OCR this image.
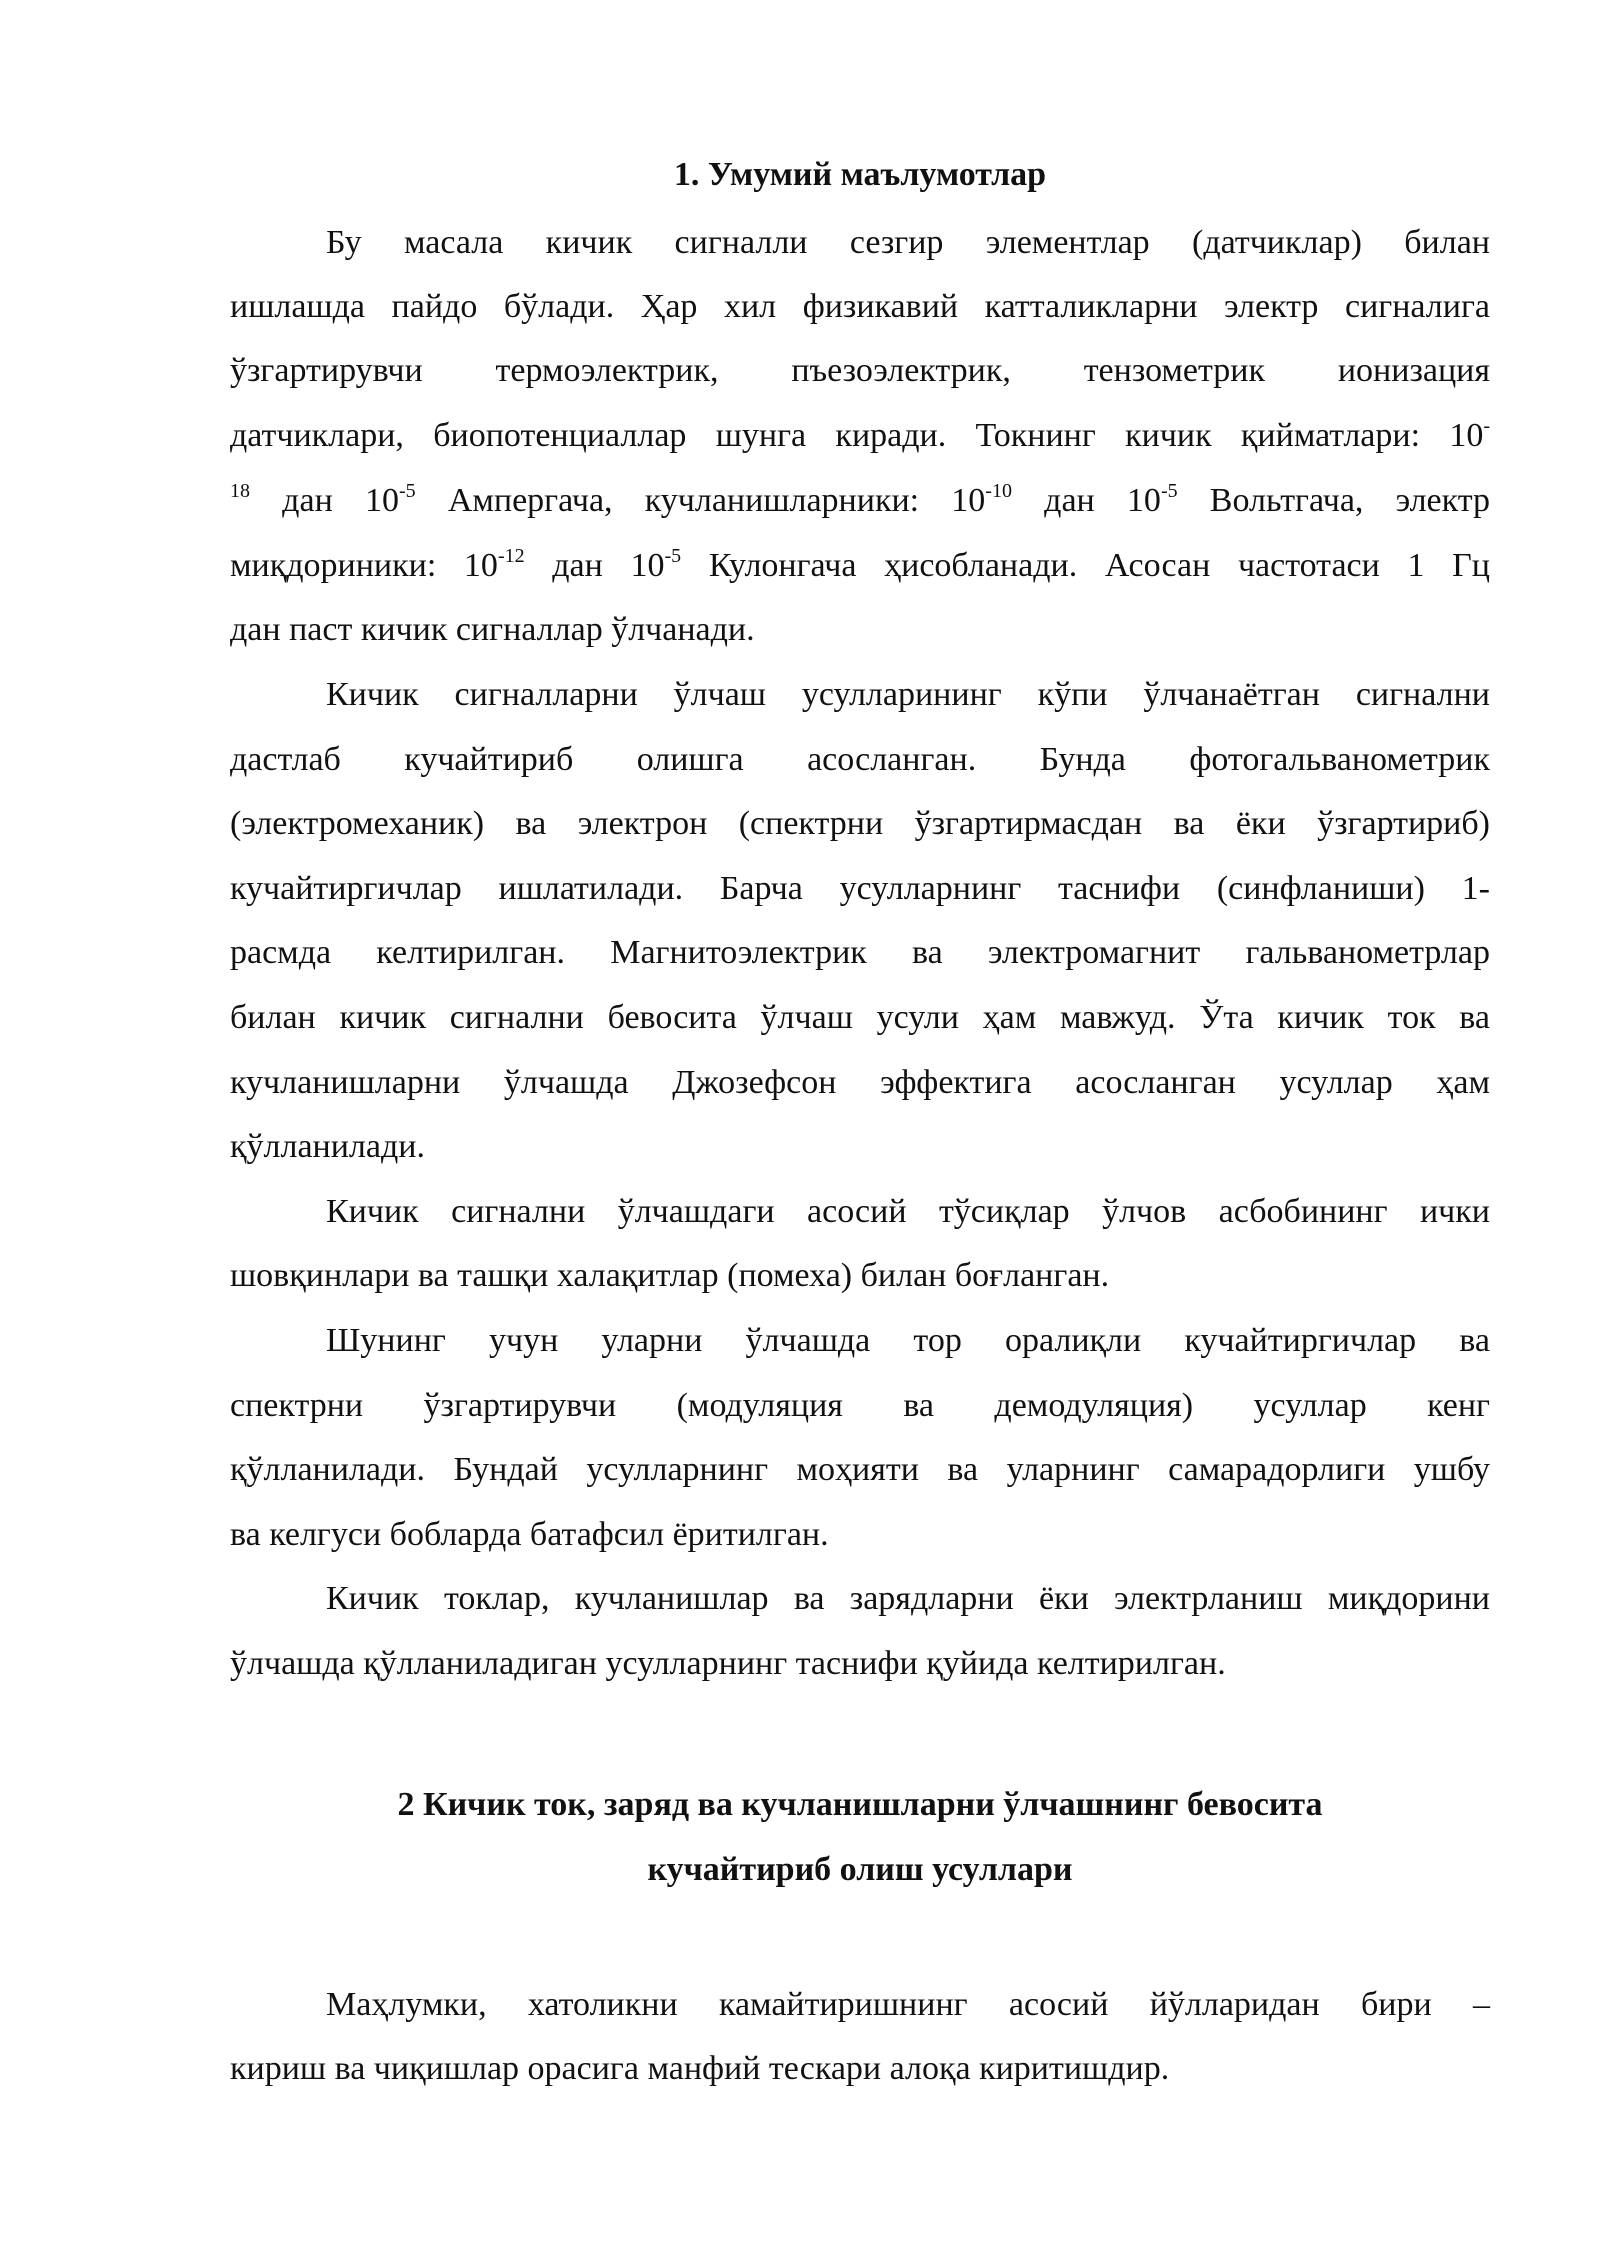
1. Умумий маълумотлар
Бу масала кичик сигналли сезгир элементлар (датчиклар) билан
ишлашда пайдо бўлади. Ҳар хил физикавий катталикларни электр сигналига
ўзгартирувчи термоэлектрик, пъезоэлектрик, тензометрик ионизация
датчиклари, биопотенциаллар шунга киради. Токнинг кичик қийматлари: 10-
$^{18}$ дан $10^{-5}$ Ампергача, кучланишларники: $10^{-10}$ дан $10^{-5}$ Вольтгача, электр
миқдориники: $10^{-12}$ дан $10^{-5}$ Кулонгача ҳисобланади. Асосан частотаси 1 Гц
дан паст кичик сигналлар ўлчанади.
Кичик сигналларни ўлчаш усулларининг кўпи ўлчанаётган сигнални
дастлаб кучайтириб олишга асосланган. Бунда фотогальванометрик
(электромеханик) ва электрон (спектрни ўзгартирмасдан ва ёки ўзгартириб)
кучайтиргичлар ишлатилади. Барча усулларнинг таснифи (синфланиши) 1-
расмда келтирилган. Магнитоэлектрик ва электромагнит гальванометрлар
билан кичик сигнални бевосита ўлчаш усули ҳам мавжуд. Ўта кичик ток ва
кучланишларни ўлчашда Джозефсон эффектига асосланган усуллар ҳам
қўлланилади.
Кичик сигнални ўлчашдаги асосий тўсиқлар ўлчов асбобининг ички
шовқинлари ва ташқи халақитлар (помеха) билан боғланган.
Шунинг учун уларни ўлчашда тор оралиқли кучайтиргичлар ва
спектрни ўзгартирувчи (модуляция ва демодуляция) усуллар кенг
қўлланилади. Бундай усулларнинг моҳияти ва уларнинг самарадорлиги ушбу
ва келгуси бобларда батафсил ёритилган.
Кичик токлар, кучланишлар ва зарядларни ёки электрланиш миқдорини
ўлчашда қўлланиладиган усулларнинг таснифи қуйида келтирилган.
2 Кичик ток, заряд ва кучланишларни ўлчашнинг бевосита
кучайтириб олиш усуллари
Маҳлумки, хатоликни камайтиришнинг асосий йўлларидан бири –
кириш ва чиқишлар орасига манфий тескари алоқа киритишдир.
